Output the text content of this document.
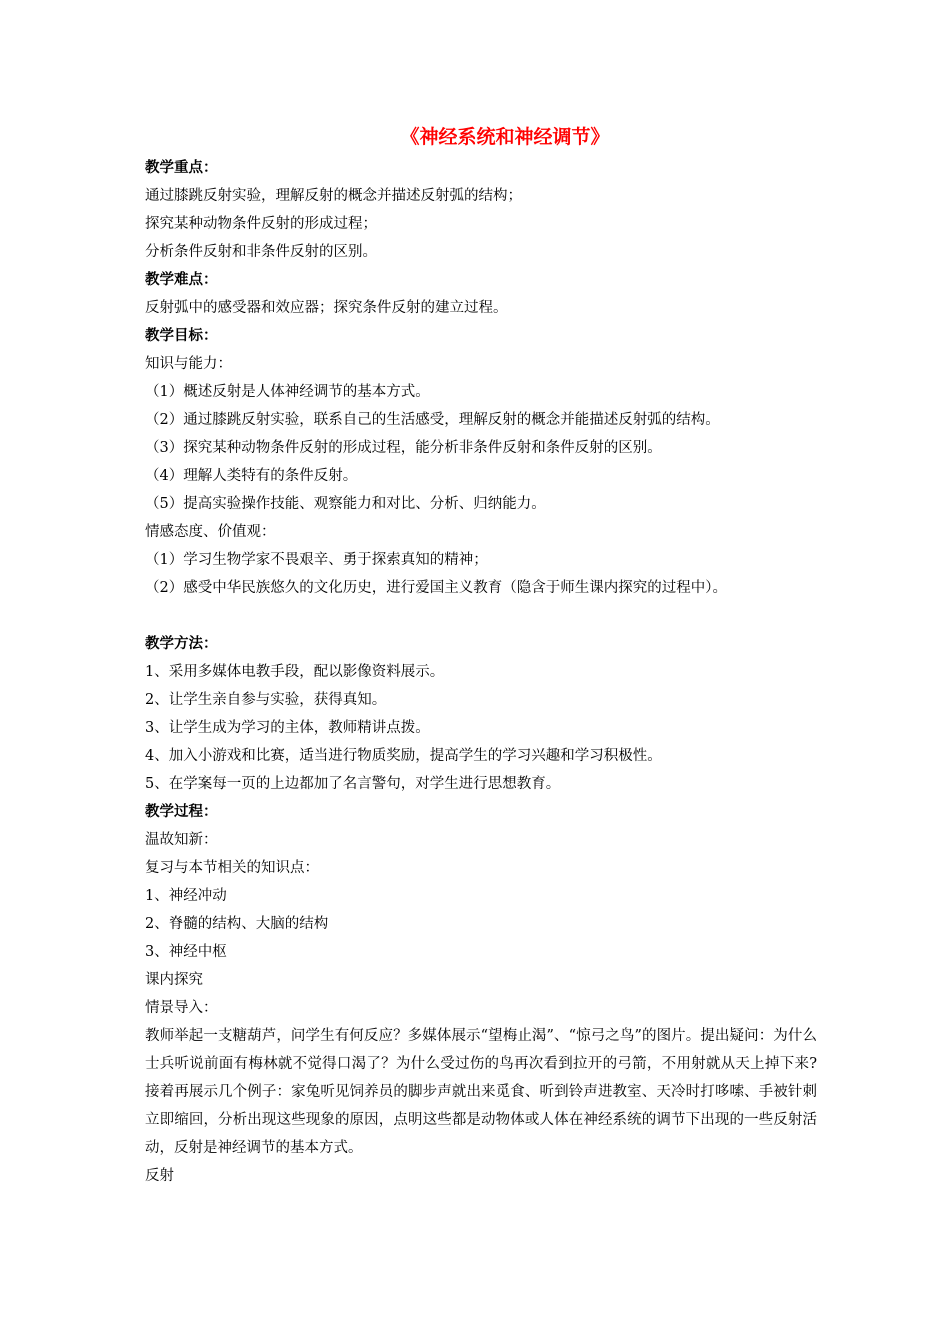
《神经系统和神经调节》
教学重点：
通过膝跳反射实验，理解反射的概念并描述反射弧的结构；
探究某种动物条件反射的形成过程；
分析条件反射和非条件反射的区别。
教学难点：
反射弧中的感受器和效应器；探究条件反射的建立过程。
教学目标：
知识与能力：
（1）概述反射是人体神经调节的基本方式。
（2）通过膝跳反射实验，联系自己的生活感受，理解反射的概念并能描述反射弧的结构。
（3）探究某种动物条件反射的形成过程，能分析非条件反射和条件反射的区别。
（4）理解人类特有的条件反射。
（5）提高实验操作技能、观察能力和对比、分析、归纳能力。
情感态度、价值观：
（1）学习生物学家不畏艰辛、勇于探索真知的精神；
（2）感受中华民族悠久的文化历史，进行爱国主义教育（隐含于师生课内探究的过程中）。
教学方法：
1、采用多媒体电教手段，配以影像资料展示。
2、让学生亲自参与实验，获得真知。
3、让学生成为学习的主体，教师精讲点拨。
4、加入小游戏和比赛，适当进行物质奖励，提高学生的学习兴趣和学习积极性。
5、在学案每一页的上边都加了名言警句，对学生进行思想教育。
教学过程：
温故知新：
复习与本节相关的知识点：
1、神经冲动
2、脊髓的结构、大脑的结构
3、神经中枢
课内探究
情景导入：
教师举起一支糖葫芦，问学生有何反应？多媒体展示“望梅止渴”、“惊弓之鸟”的图片。提出疑问：为什么士兵听说前面有梅林就不觉得口渴了？为什么受过伤的鸟再次看到拉开的弓箭，不用射就从天上掉下来?接着再展示几个例子：家兔听见饲养员的脚步声就出来觅食、听到铃声进教室、天冷时打哆嗦、手被针刺立即缩回，分析出现这些现象的原因，点明这些都是动物体或人体在神经系统的调节下出现的一些反射活动，反射是神经调节的基本方式。
反射
